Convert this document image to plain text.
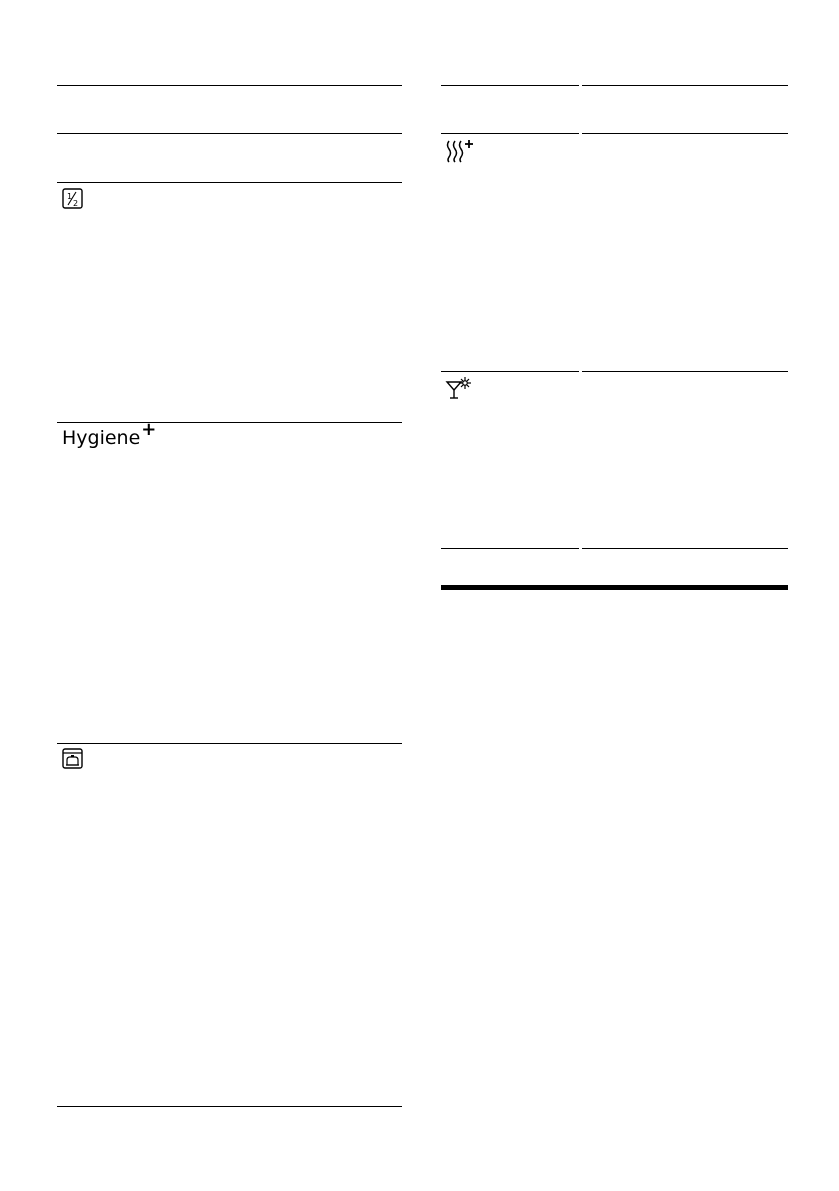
1
2
Hygiene+
